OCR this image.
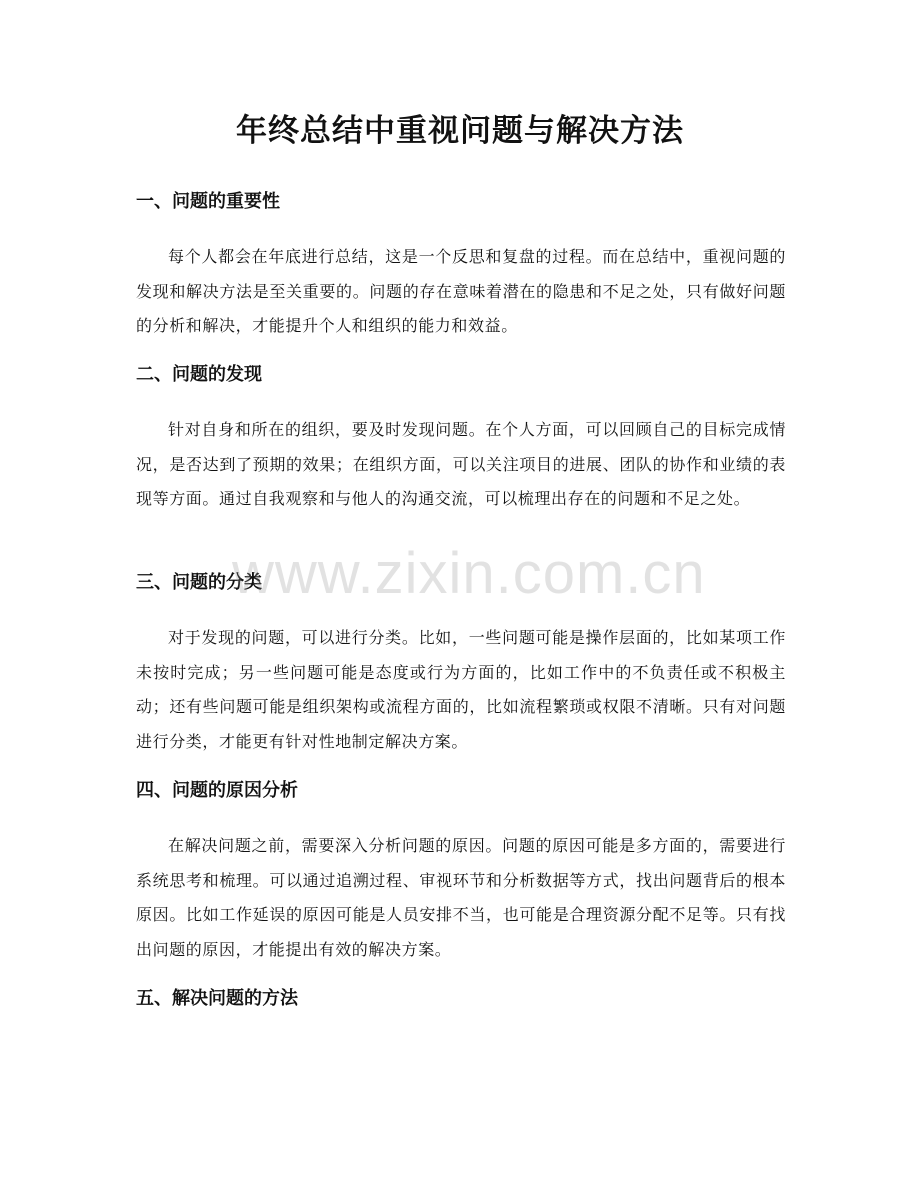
年终总结中重视问题与解决方法
一、问题的重要性

每个人都会在年底进行总结，这是一个反思和复盘的过程。而在总结中，重视问题的发现和解决方法是至关重要的。问题的存在意味着潜在的隐患和不足之处，只有做好问题的分析和解决，才能提升个人和组织的能力和效益。

二、问题的发现

针对自身和所在的组织，要及时发现问题。在个人方面，可以回顾自己的目标完成情况，是否达到了预期的效果；在组织方面，可以关注项目的进展、团队的协作和业绩的表现等方面。通过自我观察和与他人的沟通交流，可以梳理出存在的问题和不足之处。

三、问题的分类

对于发现的问题，可以进行分类。比如，一些问题可能是操作层面的，比如某项工作未按时完成；另一些问题可能是态度或行为方面的，比如工作中的不负责任或不积极主动；还有些问题可能是组织架构或流程方面的，比如流程繁琐或权限不清晰。只有对问题进行分类，才能更有针对性地制定解决方案。

四、问题的原因分析

在解决问题之前，需要深入分析问题的原因。问题的原因可能是多方面的，需要进行系统思考和梳理。可以通过追溯过程、审视环节和分析数据等方式，找出问题背后的根本原因。比如工作延误的原因可能是人员安排不当，也可能是合理资源分配不足等。只有找出问题的原因，才能提出有效的解决方案。

五、解决问题的方法
www.zixin.com.cn
